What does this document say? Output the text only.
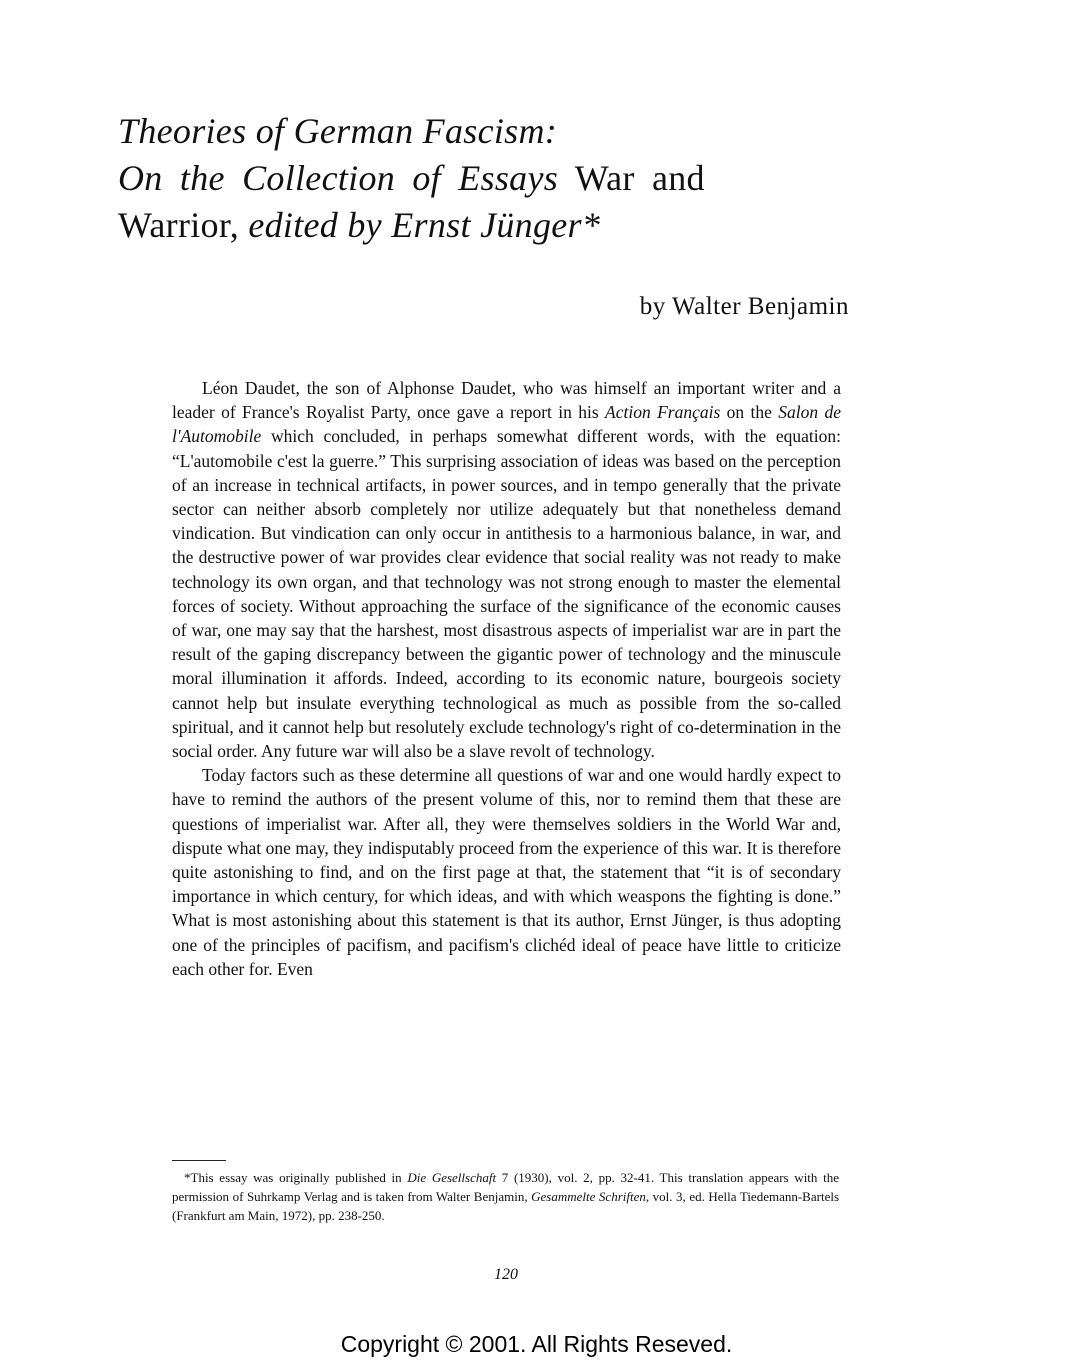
Theories of German Fascism:
On the Collection of Essays War and
Warrior, edited by Ernst Jünger*

by Walter Benjamin

Léon Daudet, the son of Alphonse Daudet, who was himself an important writer and a leader of France's Royalist Party, once gave a report in his Action Français on the Salon de l'Automobile which concluded, in perhaps somewhat different words, with the equation: “L'automobile c'est la guerre.” This surprising association of ideas was based on the perception of an increase in technical artifacts, in power sources, and in tempo generally that the private sector can neither absorb completely nor utilize adequately but that nonetheless demand vindication. But vindication can only occur in antithesis to a harmonious balance, in war, and the destructive power of war provides clear evidence that social reality was not ready to make technology its own organ, and that technology was not strong enough to master the elemental forces of society. Without approaching the surface of the significance of the economic causes of war, one may say that the harshest, most disastrous aspects of imperialist war are in part the result of the gaping discrepancy between the gigantic power of technology and the minuscule moral illumination it affords. Indeed, according to its economic nature, bourgeois society cannot help but insulate everything technological as much as possible from the so-called spiritual, and it cannot help but resolutely exclude technology's right of co-determination in the social order. Any future war will also be a slave revolt of technology.

Today factors such as these determine all questions of war and one would hardly expect to have to remind the authors of the present volume of this, nor to remind them that these are questions of imperialist war. After all, they were themselves soldiers in the World War and, dispute what one may, they indisputably proceed from the experience of this war. It is therefore quite astonishing to find, and on the first page at that, the statement that “it is of secondary importance in which century, for which ideas, and with which weaspons the fighting is done.” What is most astonishing about this statement is that its author, Ernst Jünger, is thus adopting one of the principles of pacifism, and pacifism's clichéd ideal of peace have little to criticize each other for. Even

*This essay was originally published in Die Gesellschaft 7 (1930), vol. 2, pp. 32-41. This translation appears with the permission of Suhrkamp Verlag and is taken from Walter Benjamin, Gesammelte Schriften, vol. 3, ed. Hella Tiedemann-Bartels (Frankfurt am Main, 1972), pp. 238-250.

120
Copyright © 2001. All Rights Reseved.
